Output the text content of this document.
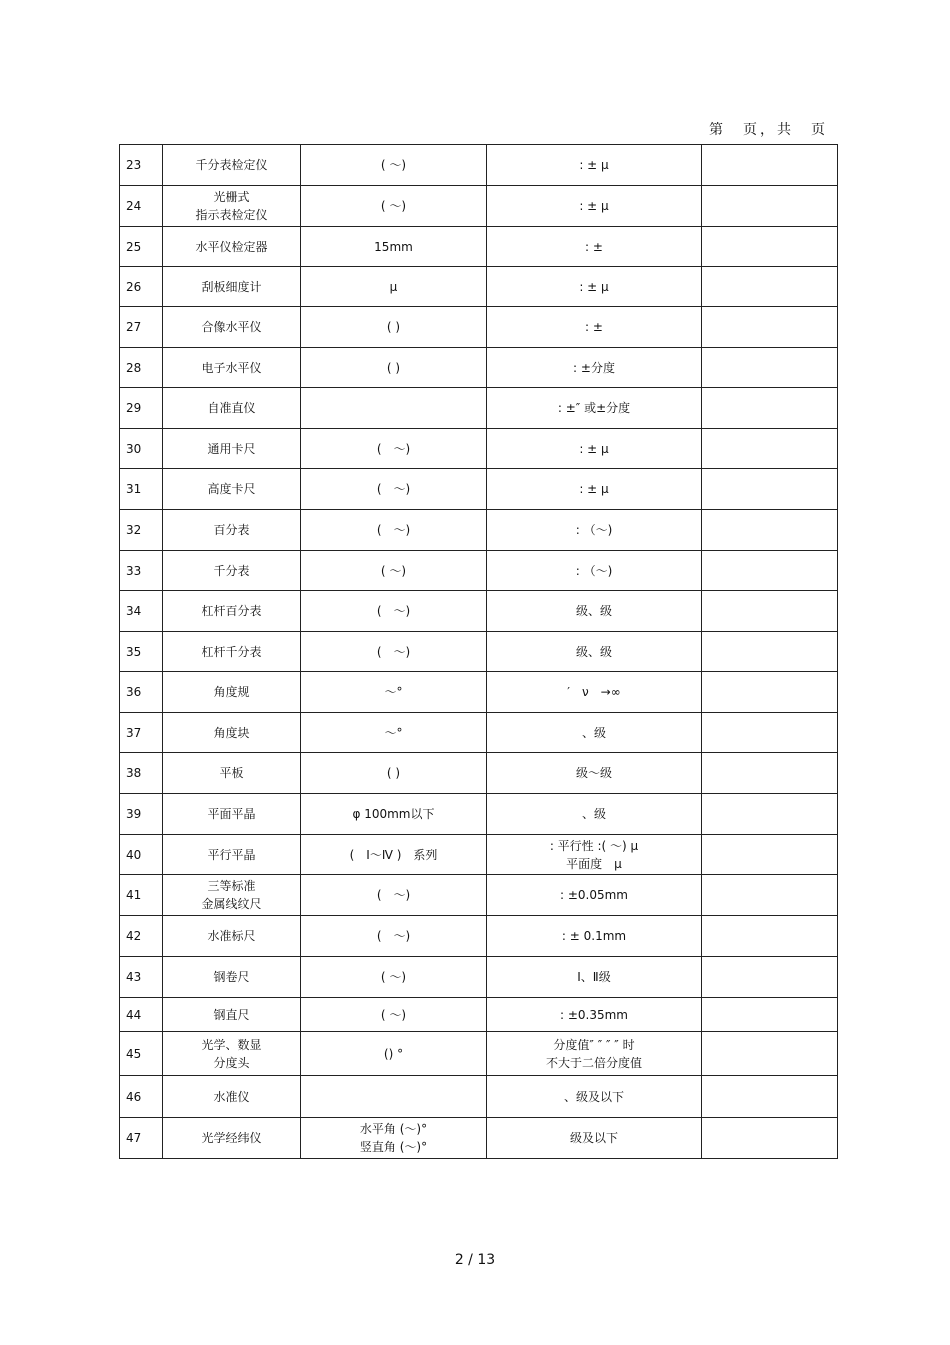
第　页，共　页
23	千分表检定仪	( ～)	: ± μ	

24	光栅式
指示表检定仪	( ～)	: ± μ	

25	水平仪检定器	15mm	: ±	

26	刮板细度计	μ	: ± μ	

27	合像水平仪	( )	: ±	

28	电子水平仪	( )	: ±分度	

29	自准直仪		: ±″ 或±分度	

30	通用卡尺	(　～)	: ± μ	

31	高度卡尺	(　～)	: ± μ	

32	百分表	(　～)	: （～)	

33	千分表	( ～)	: （～)	

34	杠杆百分表	(　～)	级、级	

35	杠杆千分表	(　～)	级、级	

36	角度规	～°	′　ν　→∞	

37	角度块	～°	、级	

38	平板	( )	级～级	

39	平面平晶	φ 100mm以下	、级	

40	平行平晶	(　Ⅰ～Ⅳ )　系列	: 平行性 :( ～) μ
平面度　μ	

41	三等标准
金属线纹尺	(　～)	: ±0.05mm	

42	水准标尺	(　～)	: ± 0.1mm	

43	钢卷尺	( ～)	Ⅰ、Ⅱ级	

44	钢直尺	( ～)	: ±0.35mm	

45	光学、数显
分度头	() °	分度值″ ″ ″ ″ 时
不大于二倍分度值	

46	水准仪		、级及以下	

47	光学经纬仪	水平角 (～)°
竖直角 (～)°	级及以下	

2 / 13
